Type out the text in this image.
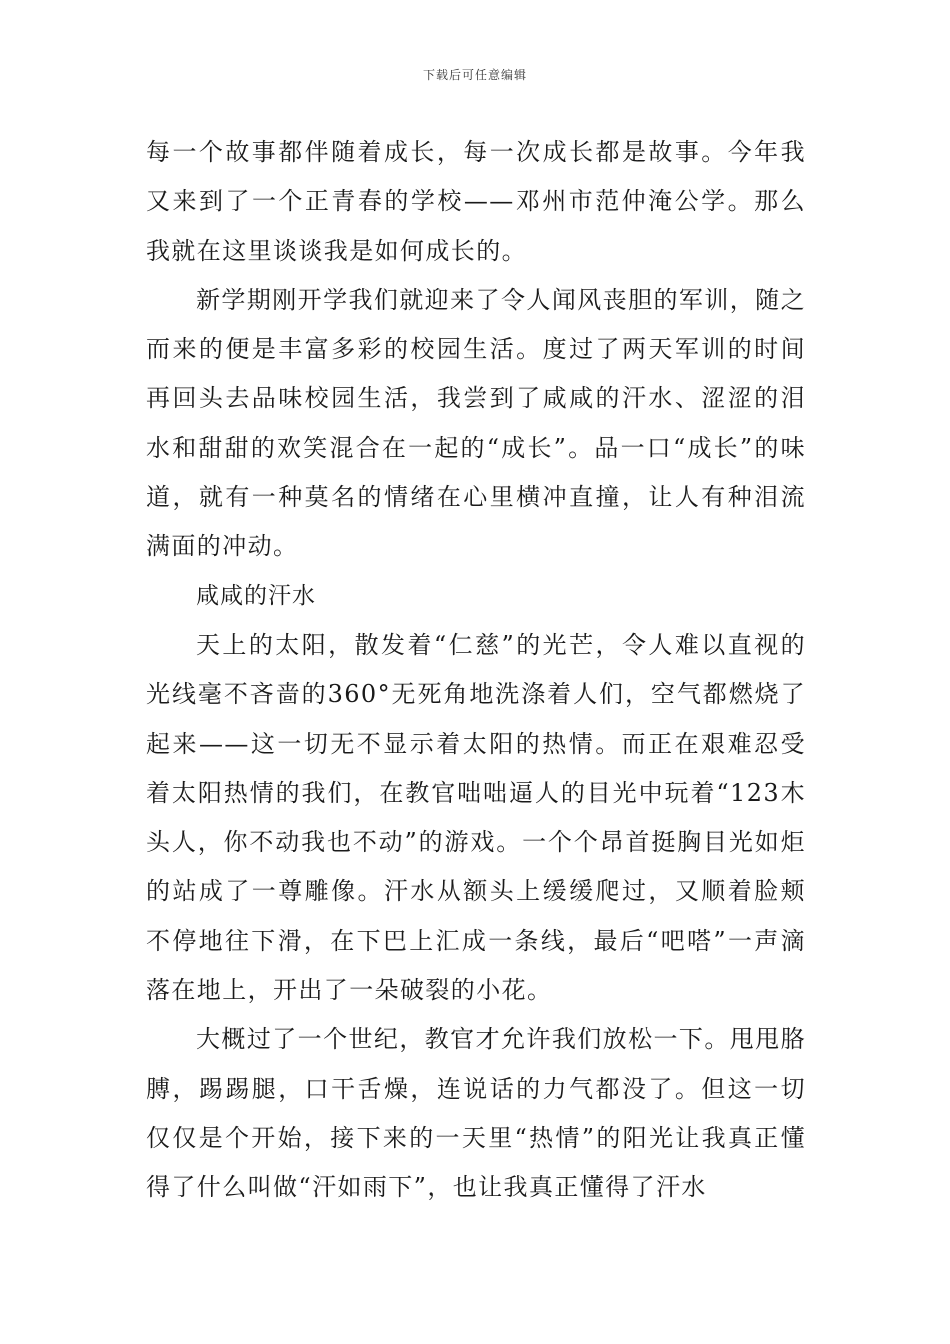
下载后可任意编辑

每一个故事都伴随着成长，每一次成长都是故事。今年我又来到了一个正青春的学校——邓州市范仲淹公学。那么我就在这里谈谈我是如何成长的。

新学期刚开学我们就迎来了令人闻风丧胆的军训，随之而来的便是丰富多彩的校园生活。度过了两天军训的时间再回头去品味校园生活，我尝到了咸咸的汗水、涩涩的泪水和甜甜的欢笑混合在一起的“成长”。品一口“成长”的味道，就有一种莫名的情绪在心里横冲直撞，让人有种泪流满面的冲动。

咸咸的汗水

天上的太阳，散发着“仁慈”的光芒，令人难以直视的光线毫不吝啬的360°无死角地洗涤着人们，空气都燃烧了起来——这一切无不显示着太阳的热情。而正在艰难忍受着太阳热情的我们，在教官咄咄逼人的目光中玩着“123木头人，你不动我也不动”的游戏。一个个昂首挺胸目光如炬的站成了一尊雕像。汗水从额头上缓缓爬过，又顺着脸颊不停地往下滑，在下巴上汇成一条线，最后“吧嗒”一声滴落在地上，开出了一朵破裂的小花。

大概过了一个世纪，教官才允许我们放松一下。甩甩胳膊，踢踢腿，口干舌燥，连说话的力气都没了。但这一切仅仅是个开始，接下来的一天里“热情”的阳光让我真正懂得了什么叫做“汗如雨下”，也让我真正懂得了汗水
